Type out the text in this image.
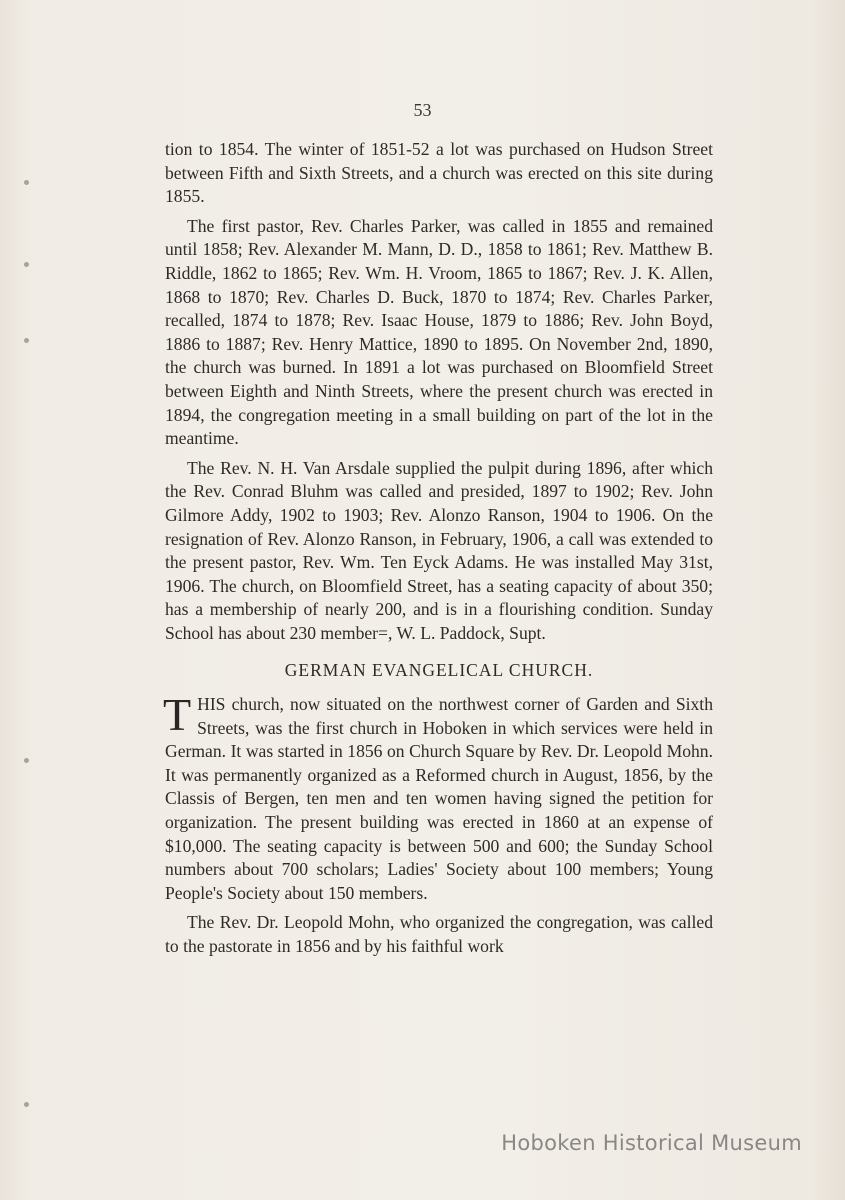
53

tion to 1854. The winter of 1851-52 a lot was purchased on Hudson Street between Fifth and Sixth Streets, and a church was erected on this site during 1855.

The first pastor, Rev. Charles Parker, was called in 1855 and remained until 1858; Rev. Alexander M. Mann, D. D., 1858 to 1861; Rev. Matthew B. Riddle, 1862 to 1865; Rev. Wm. H. Vroom, 1865 to 1867; Rev. J. K. Allen, 1868 to 1870; Rev. Charles D. Buck, 1870 to 1874; Rev. Charles Parker, recalled, 1874 to 1878; Rev. Isaac House, 1879 to 1886; Rev. John Boyd, 1886 to 1887; Rev. Henry Mattice, 1890 to 1895. On November 2nd, 1890, the church was burned. In 1891 a lot was purchased on Bloomfield Street between Eighth and Ninth Streets, where the present church was erected in 1894, the congregation meeting in a small building on part of the lot in the meantime.

The Rev. N. H. Van Arsdale supplied the pulpit during 1896, after which the Rev. Conrad Bluhm was called and presided, 1897 to 1902; Rev. John Gilmore Addy, 1902 to 1903; Rev. Alonzo Ranson, 1904 to 1906. On the resignation of Rev. Alonzo Ranson, in February, 1906, a call was extended to the present pastor, Rev. Wm. Ten Eyck Adams. He was installed May 31st, 1906. The church, on Bloomfield Street, has a seating capacity of about 350; has a membership of nearly 200, and is in a flourishing condition. Sunday School has about 230 member=, W. L. Paddock, Supt.

GERMAN EVANGELICAL CHURCH.

THIS church, now situated on the northwest corner of Garden and Sixth Streets, was the first church in Hoboken in which services were held in German. It was started in 1856 on Church Square by Rev. Dr. Leopold Mohn. It was permanently organized as a Reformed church in August, 1856, by the Classis of Bergen, ten men and ten women having signed the petition for organization. The present building was erected in 1860 at an expense of $10,000. The seating capacity is between 500 and 600; the Sunday School numbers about 700 scholars; Ladies' Society about 100 members; Young People's Society about 150 members.

The Rev. Dr. Leopold Mohn, who organized the congregation, was called to the pastorate in 1856 and by his faithful work

Hoboken Historical Museum
